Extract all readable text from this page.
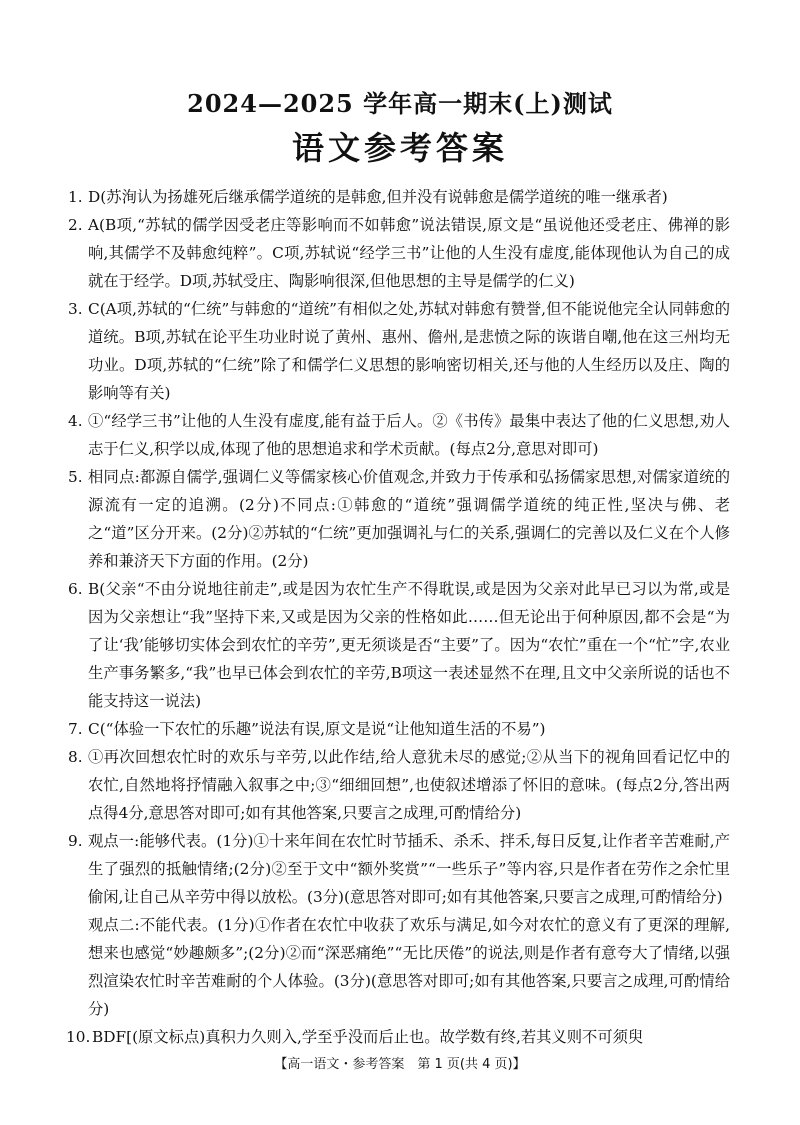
2024—2025 学年高一期末(上)测试
语文参考答案
1. D(苏洵认为扬雄死后继承儒学道统的是韩愈,但并没有说韩愈是儒学道统的唯一继承者)
2. A(B项,“苏轼的儒学因受老庄等影响而不如韩愈”说法错误,原文是“虽说他还受老庄、佛禅的影响,其儒学不及韩愈纯粹”。C项,苏轼说“经学三书”让他的人生没有虚度,能体现他认为自己的成就在于经学。D项,苏轼受庄、陶影响很深,但他思想的主导是儒学的仁义)
3. C(A项,苏轼的“仁统”与韩愈的“道统”有相似之处,苏轼对韩愈有赞誉,但不能说他完全认同韩愈的道统。B项,苏轼在论平生功业时说了黄州、惠州、儋州,是悲愤之际的诙谐自嘲,他在这三州均无功业。D项,苏轼的“仁统”除了和儒学仁义思想的影响密切相关,还与他的人生经历以及庄、陶的影响等有关)
4. ①“经学三书”让他的人生没有虚度,能有益于后人。②《书传》最集中表达了他的仁义思想,劝人志于仁义,积学以成,体现了他的思想追求和学术贡献。(每点2分,意思对即可)
5. 相同点:都源自儒学,强调仁义等儒家核心价值观念,并致力于传承和弘扬儒家思想,对儒家道统的源流有一定的追溯。(2分)不同点:①韩愈的“道统”强调儒学道统的纯正性,坚决与佛、老之“道”区分开来。(2分)②苏轼的“仁统”更加强调礼与仁的关系,强调仁的完善以及仁义在个人修养和兼济天下方面的作用。(2分)
6. B(父亲“不由分说地往前走”,或是因为农忙生产不得耽误,或是因为父亲对此早已习以为常,或是因为父亲想让“我”坚持下来,又或是因为父亲的性格如此……但无论出于何种原因,都不会是“为了让‘我’能够切实体会到农忙的辛劳”,更无须谈是否“主要”了。因为“农忙”重在一个“忙”字,农业生产事务繁多,“我”也早已体会到农忙的辛劳,B项这一表述显然不在理,且文中父亲所说的话也不能支持这一说法)
7. C(“体验一下农忙的乐趣”说法有误,原文是说“让他知道生活的不易”)
8. ①再次回想农忙时的欢乐与辛劳,以此作结,给人意犹未尽的感觉;②从当下的视角回看记忆中的农忙,自然地将抒情融入叙事之中;③“细细回想”,也使叙述增添了怀旧的意味。(每点2分,答出两点得4分,意思答对即可;如有其他答案,只要言之成理,可酌情给分)
9. 观点一:能够代表。(1分)①十来年间在农忙时节插禾、杀禾、拌禾,每日反复,让作者辛苦难耐,产生了强烈的抵触情绪;(2分)②至于文中“额外奖赏”“一些乐子”等内容,只是作者在劳作之余忙里偷闲,让自己从辛劳中得以放松。(3分)(意思答对即可;如有其他答案,只要言之成理,可酌情给分)
观点二:不能代表。(1分)①作者在农忙中收获了欢乐与满足,如今对农忙的意义有了更深的理解,想来也感觉“妙趣颇多”;(2分)②而“深恶痛绝”“无比厌倦”的说法,则是作者有意夸大了情绪,以强烈渲染农忙时辛苦难耐的个人体验。(3分)(意思答对即可;如有其他答案,只要言之成理,可酌情给分)
10. BDF[(原文标点)真积力久则入,学至乎没而后止也。故学数有终,若其义则不可须臾
【高一语文・参考答案　第 1 页(共 4 页)】
